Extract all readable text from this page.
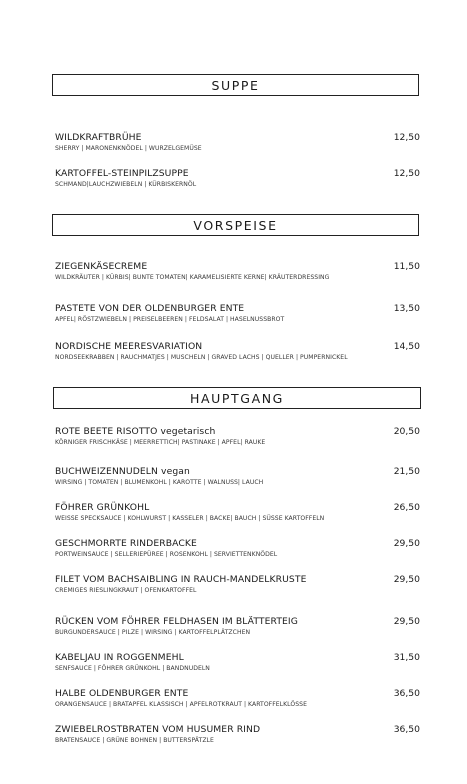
SUPPE
WILDKRAFTBRÜHE
SHERRY | MARONENKNÖDEL | WURZELGEMÜSE
12,50
KARTOFFEL-STEINPILZSUPPE
SCHMAND|LAUCHZWIEBELN | KÜRBISKERNÖL
12,50
VORSPEISE
ZIEGENKÄSECREME
WILDKRÄUTER | KÜRBIS| BUNTE TOMATEN| KARAMELISIERTE KERNE| KRÄUTERDRESSING
11,50
PASTETE VON DER OLDENBURGER ENTE
APFEL| RÖSTZWIEBELN | PREISELBEEREN | FELDSALAT | HASELNUSSBROT
13,50
NORDISCHE MEERESVARIATION
NORDSEEKRABBEN | RAUCHMATJES | MUSCHELN | GRAVED LACHS | QUELLER | PUMPERNICKEL
14,50
HAUPTGANG
ROTE BEETE RISOTTO vegetarisch
KÖRNIGER FRISCHKÄSE | MEERRETTICH| PASTINAKE | APFEL| RAUKE
20,50
BUCHWEIZENNUDELN vegan
WIRSING | TOMATEN | BLUMENKOHL | KAROTTE | WALNUSS| LAUCH
21,50
FÖHRER GRÜNKOHL
WEISSE SPECKSAUCE | KOHLWURST | KASSELER | BACKE| BAUCH | SÜSSE KARTOFFELN
26,50
GESCHMORRTE RINDERBACKE
PORTWEINSAUCE | SELLERIEPÜREE | ROSENKOHL | SERVIETTENKNÖDEL
29,50
FILET VOM BACHSAIBLING IN RAUCH-MANDELKRUSTE
CREMIGES RIESLINGKRAUT | OFENKARTOFFEL
29,50
RÜCKEN VOM FÖHRER FELDHASEN IM BLÄTTERTEIG
BURGUNDERSAUCE | PILZE | WIRSING | KARTOFFELPLÄTZCHEN
29,50
KABELJAU IN ROGGENMEHL
SENFSAUCE | FÖHRER GRÜNKOHL | BANDNUDELN
31,50
HALBE OLDENBURGER ENTE
ORANGENSAUCE | BRATAPFEL KLASSISCH | APFELROTKRAUT | KARTOFFELKLÖSSE
36,50
ZWIEBELROSTBRATEN VOM HUSUMER RIND
BRATENSAUCE | GRÜNE BOHNEN | BUTTERSPÄTZLE
36,50
